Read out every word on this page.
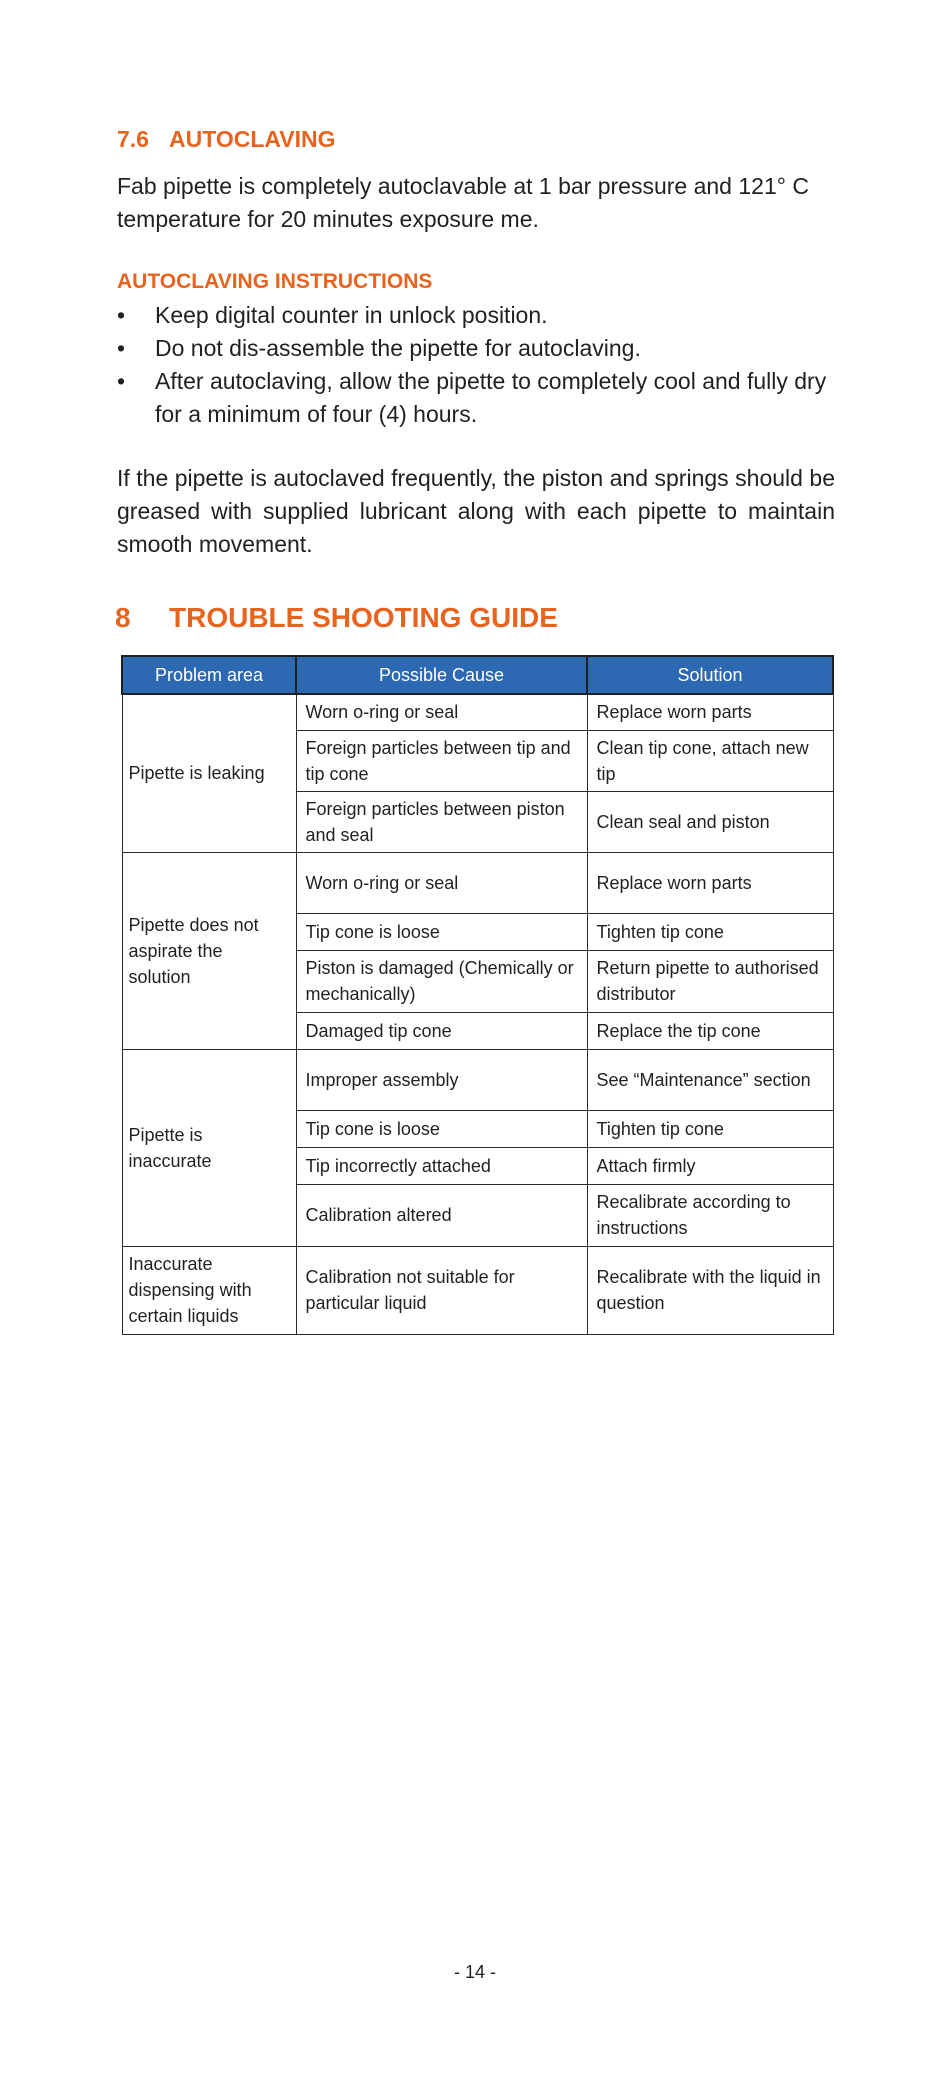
7.6 AUTOCLAVING
Fab pipette is completely autoclavable at 1 bar pressure and 121° C temperature for 20 minutes exposure me.
AUTOCLAVING INSTRUCTIONS
• Keep digital counter in unlock position.
• Do not dis-assemble the pipette for autoclaving.
• After autoclaving, allow the pipette to completely cool and fully dry for a minimum of four (4) hours.
If the pipette is autoclaved frequently, the piston and springs should be greased with supplied lubricant along with each pipette to maintain smooth movement.
8 TROUBLE SHOOTING GUIDE
Problem area	Possible Cause	Solution
Pipette is leaking	Worn o-ring or seal	Replace worn parts
	Foreign particles between tip and tip cone	Clean tip cone, attach new tip
	Foreign particles between piston and seal	Clean seal and piston
Pipette does not aspirate the solution	Worn o-ring or seal	Replace worn parts
	Tip cone is loose	Tighten tip cone
	Piston is damaged (Chemically or mechanically)	Return pipette to authorised distributor
	Damaged tip cone	Replace the tip cone
Pipette is inaccurate	Improper assembly	See “Maintenance” section
	Tip cone is loose	Tighten tip cone
	Tip incorrectly attached	Attach firmly
	Calibration altered	Recalibrate according to instructions
Inaccurate dispensing with certain liquids	Calibration not suitable for particular liquid	Recalibrate with the liquid in question
- 14 -
